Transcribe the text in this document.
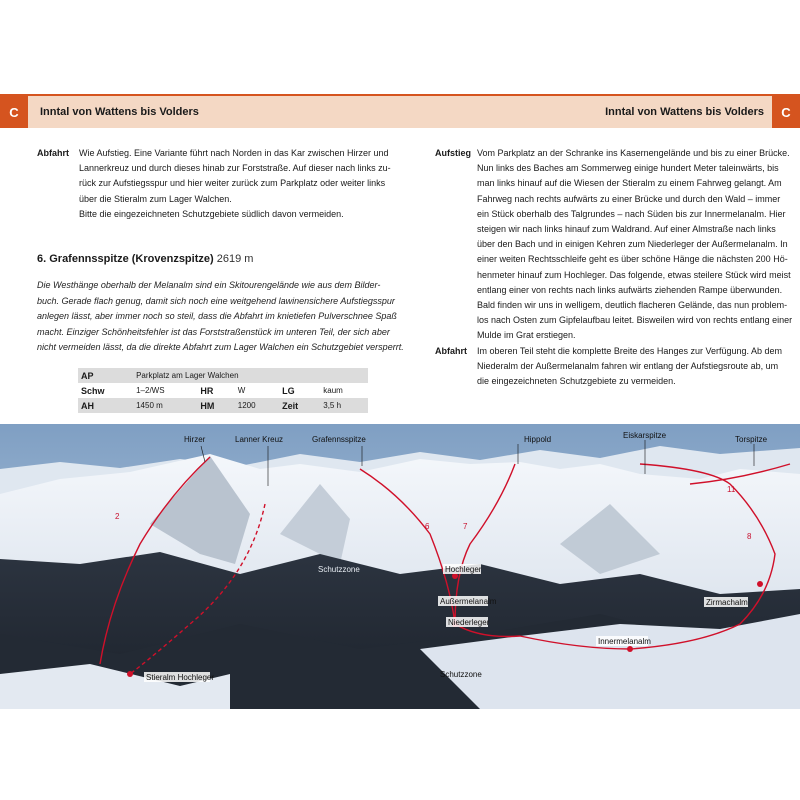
C	C
Inntal von Wattens bis Volders	Inntal von Wattens bis Volders
Abfahrt Wie Aufstieg. Eine Variante führt nach Norden in das Kar zwischen Hirzer und
Lannerkreuz und durch dieses hinab zur Forststraße. Auf dieser nach links zu-
rück zur Aufstiegsspur und hier weiter zurück zum Parkplatz oder weiter links
über die Stieralm zum Lager Walchen.
Bitte die eingezeichneten Schutzgebiete südlich davon vermeiden.
6. Grafennsspitze (Krovenzspitze) 2619 m
Die Westhänge oberhalb der Melanalm sind ein Skitourengelände wie aus dem Bilder-
buch. Gerade flach genug, damit sich noch eine weitgehend lawinensichere Aufstiegsspur
anlegen lässt, aber immer noch so steil, dass die Abfahrt im knietiefen Pulverschnee Spaß
macht. Einziger Schönheitsfehler ist das Forststraßenstück im unteren Teil, der sich aber
nicht vermeiden lässt, da die direkte Abfahrt zum Lager Walchen ein Schutzgebiet versperrt.
AP	Parkplatz am Lager Walchen				
Schw	1–2/WS	HR	W	LG	kaum
AH	1450 m	HM	1200	Zeit	3,5 h
Aufstieg Vom Parkplatz an der Schranke ins Kasernengelände und bis zu einer Brücke.
Nun links des Baches am Sommerweg einige hundert Meter taleinwärts, bis
man links hinauf auf die Wiesen der Stieralm zu einem Fahrweg gelangt. Am
Fahrweg nach rechts aufwärts zu einer Brücke und durch den Wald – immer
ein Stück oberhalb des Talgrundes – nach Süden bis zur Innermelanalm. Hier
steigen wir nach links hinauf zum Waldrand. Auf einer Almstraße nach links
über den Bach und in einigen Kehren zum Niederleger der Außermelanalm. In
einer weiten Rechtsschleife geht es über schöne Hänge die nächsten 200 Hö-
henmeter hinauf zum Hochleger. Das folgende, etwas steilere Stück wird meist
entlang einer von rechts nach links aufwärts ziehenden Rampe überwunden.
Bald finden wir uns in welligem, deutlich flacheren Gelände, das nun problem-
los nach Osten zum Gipfelaufbau leitet. Bisweilen wird von rechts entlang einer
Mulde im Grat erstiegen.
Abfahrt Im oberen Teil steht die komplette Breite des Hanges zur Verfügung. Ab dem
Niederalm der Außermelanalm fahren wir entlang der Aufstiegsroute ab, um
die eingezeichneten Schutzgebiete zu vermeiden.
2
6	7
8
11
Hirzer	Lanner Kreuz	Grafennsspitze	Hippold	Eiskarspitze	Torspitze
Hochleger
Außermelanalm
Niederleger
Innermelanalm
Zirmachalm
Stieralm Hochleger
Schutzzone
Schutzzone
